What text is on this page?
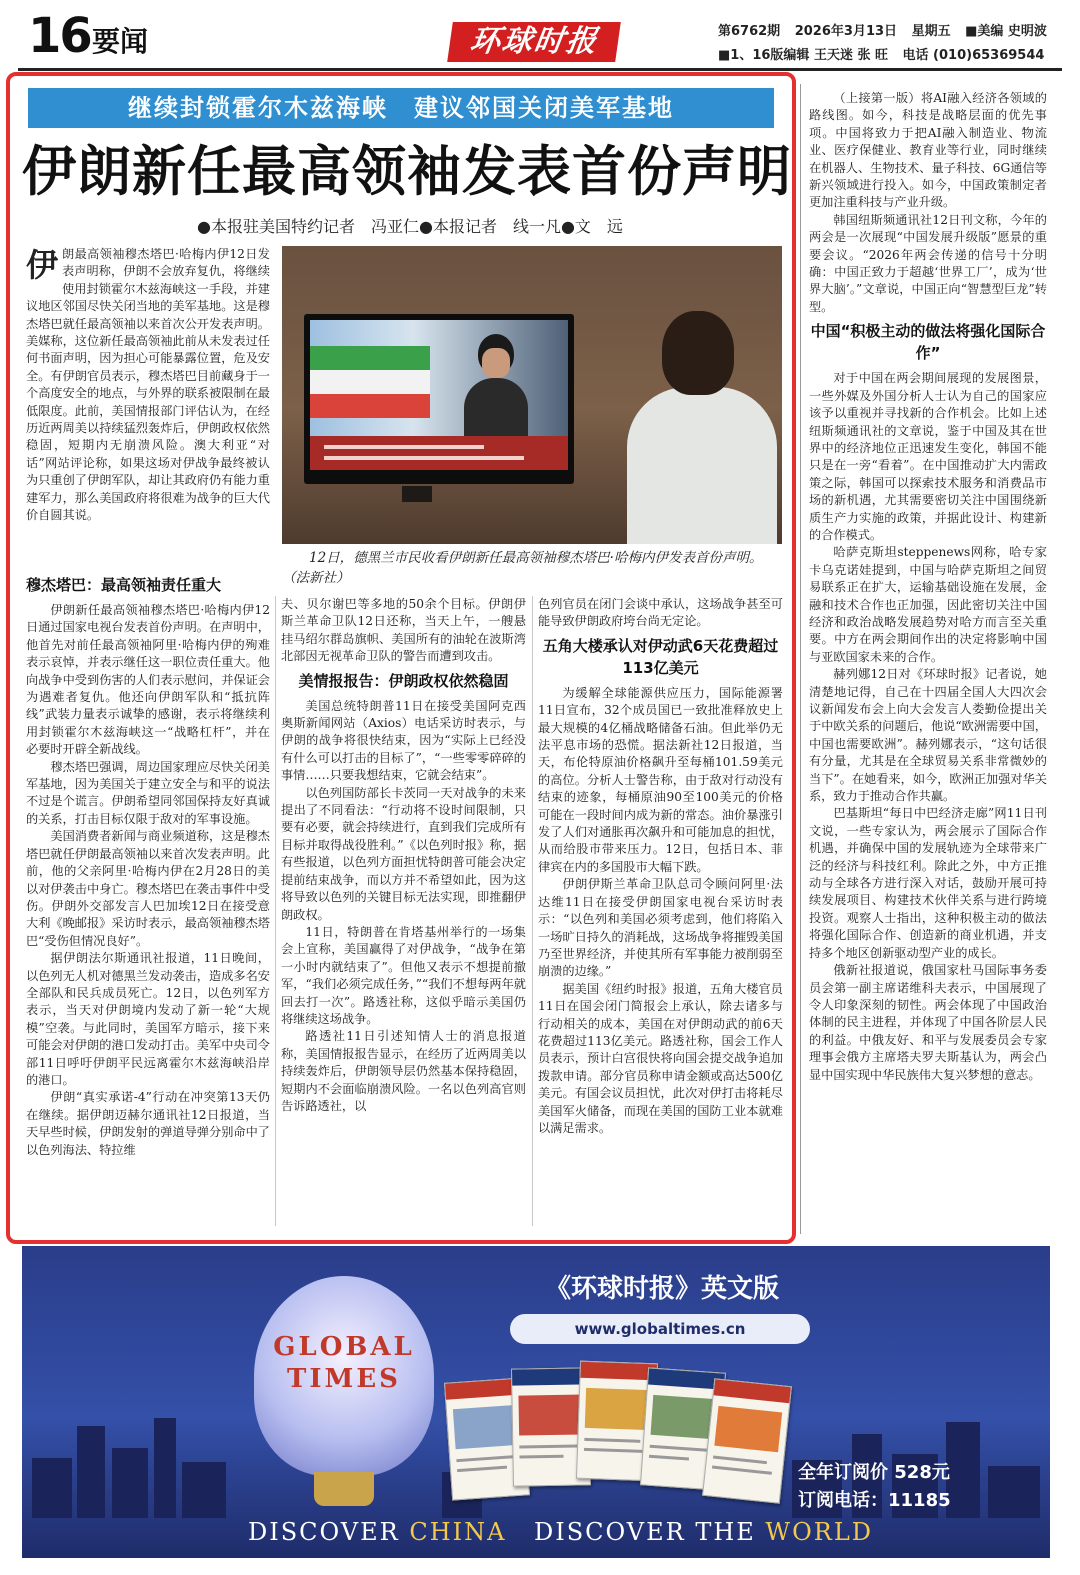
16 要闻	环球时报	第6762期 2026年3月13日 星期五 ■美编 史明波
■1、16版编辑 王天迷 张 旺 电话 (010)65369544
继续封锁霍尔木兹海峡　建议邻国关闭美军基地
伊朗新任最高领袖发表首份声明
●本报驻美国特约记者　冯亚仁●本报记者　线一凡●文　远
伊 朗最高领袖穆杰塔巴·哈梅内伊12日发表声明称，伊朗不会放弃复仇，将继续使用封锁霍尔木兹海峡这一手段，并建议地区邻国尽快关闭当地的美军基地。这是穆杰塔巴就任最高领袖以来首次公开发表声明。美媒称，这位新任最高领袖此前从未发表过任何书面声明，因为担心可能暴露位置，危及安全。有伊朗官员表示，穆杰塔巴目前藏身于一个高度安全的地点，与外界的联系被限制在最低限度。此前，美国情报部门评估认为，在经历近两周美以持续猛烈轰炸后，伊朗政权依然稳固，短期内无崩溃风险。澳大利亚“对话”网站评论称，如果这场对伊战争最终被认为只重创了伊朗军队，却让其政府仍有能力重建军力，那么美国政府将很难为战争的巨大代价自圆其说。
12日，德黑兰市民收看伊朗新任最高领袖穆杰塔巴·哈梅内伊发表首份声明。　（法新社）
穆杰塔巴：最高领袖责任重大

伊朗新任最高领袖穆杰塔巴·哈梅内伊12日通过国家电视台发表首份声明。在声明中，他首先对前任最高领袖阿里·哈梅内伊的殉难表示哀悼，并表示继任这一职位责任重大。他向战争中受到伤害的人们表示慰问，并保证会为遇难者复仇。他还向伊朗军队和“抵抗阵线”武装力量表示诚挚的感谢，表示将继续利用封锁霍尔木兹海峡这一“战略杠杆”，并在必要时开辟全新战线。

穆杰塔巴强调，周边国家理应尽快关闭美军基地，因为美国关于建立安全与和平的说法不过是个谎言。伊朗希望同邻国保持友好真诚的关系，打击目标仅限于敌对的军事设施。

美国消费者新闻与商业频道称，这是穆杰塔巴就任伊朗最高领袖以来首次发表声明。此前，他的父亲阿里·哈梅内伊在2月28日的美以对伊袭击中身亡。穆杰塔巴在袭击事件中受伤。伊朗外交部发言人巴加埃12日在接受意大利《晚邮报》采访时表示，最高领袖穆杰塔巴“受伤但情况良好”。

据伊朗法尔斯通讯社报道，11日晚间，以色列无人机对德黑兰发动袭击，造成多名安全部队和民兵成员死亡。12日，以色列军方表示，当天对伊朗境内发动了新一轮“大规模”空袭。与此同时，美国军方暗示，接下来可能会对伊朗的港口发动打击。美军中央司令部11日呼吁伊朗平民远离霍尔木兹海峡沿岸的港口。

伊朗“真实承诺-4”行动在冲突第13天仍在继续。据伊朗迈赫尔通讯社12日报道，当天早些时候，伊朗发射的弹道导弹分别命中了以色列海法、特拉维

夫、贝尔谢巴等多地的50余个目标。伊朗伊斯兰革命卫队12日还称，当天上午，一艘悬挂马绍尔群岛旗帜、美国所有的油轮在波斯湾北部因无视革命卫队的警告而遭到攻击。

美情报报告：伊朗政权依然稳固

美国总统特朗普11日在接受美国阿克西奥斯新闻网站（Axios）电话采访时表示，与伊朗的战争将很快结束，因为“实际上已经没有什么可以打击的目标了”，“一些零零碎碎的事情……只要我想结束，它就会结束”。

以色列国防部长卡茨同一天对战争的未来提出了不同看法：“行动将不设时间限制，只要有必要，就会持续进行，直到我们完成所有目标并取得战役胜利。”《以色列时报》称，据有些报道，以色列方面担忧特朗普可能会决定提前结束战争，而以方并不希望如此，因为这将导致以色列的关键目标无法实现，即推翻伊朗政权。

11日，特朗普在肯塔基州举行的一场集会上宣称，美国赢得了对伊战争，“战争在第一小时内就结束了”。但他又表示不想提前撤军，“我们必须完成任务，”“我们不想每两年就回去打一次”。路透社称，这似乎暗示美国仍将继续这场战争。

路透社11日引述知情人士的消息报道称，美国情报报告显示，在经历了近两周美以持续轰炸后，伊朗领导层仍然基本保持稳固，短期内不会面临崩溃风险。一名以色列高官则告诉路透社，以

色列官员在闭门会谈中承认，这场战争甚至可能导致伊朗政府垮台尚无定论。

五角大楼承认对伊动武6天花费超过113亿美元

为缓解全球能源供应压力，国际能源署11日宣布，32个成员国已一致批准释放史上最大规模的4亿桶战略储备石油。但此举仍无法平息市场的恐慌。据法新社12日报道，当天，布伦特原油价格飙升至每桶101.59美元的高位。分析人士警告称，由于敌对行动没有结束的迹象，每桶原油90至100美元的价格可能在一段时间内成为新的常态。油价暴涨引发了人们对通胀再次飙升和可能加息的担忧，从而给股市带来压力。12日，包括日本、菲律宾在内的多国股市大幅下跌。

伊朗伊斯兰革命卫队总司令顾问阿里·法达维11日在接受伊朗国家电视台采访时表示：“以色列和美国必须考虑到，他们将陷入一场旷日持久的消耗战，这场战争将摧毁美国乃至世界经济，并使其所有军事能力被削弱至崩溃的边缘。”

据美国《纽约时报》报道，五角大楼官员11日在国会闭门简报会上承认，除去诸多与行动相关的成本，美国在对伊朗动武的前6天花费超过113亿美元。路透社称，国会工作人员表示，预计白宫很快将向国会提交战争追加拨款申请。部分官员称申请金额或高达500亿美元。有国会议员担忧，此次对伊打击将耗尽美国军火储备，而现在美国的国防工业本就难以满足需求。

（上接第一版）将AI融入经济各领域的路线图。如今，科技是战略层面的优先事项。中国将致力于把AI融入制造业、物流业、医疗保健业、教育业等行业，同时继续在机器人、生物技术、量子科技、6G通信等新兴领域进行投入。如今，中国政策制定者更加注重科技与产业升级。

韩国纽斯频通讯社12日刊文称，今年的两会是一次展现“中国发展升级版”愿景的重要会议。“2026年两会传递的信号十分明确：中国正致力于超越‘世界工厂’，成为‘世界大脑’。”文章说，中国正向“智慧型巨龙”转型。

中国“积极主动的做法将强化国际合作”

对于中国在两会期间展现的发展图景，一些外媒及外国分析人士认为自己的国家应该予以重视并寻找新的合作机会。比如上述纽斯频通讯社的文章说，鉴于中国及其在世界中的经济地位正迅速发生变化，韩国不能只是在一旁“看着”。在中国推动扩大内需政策之际，韩国可以探索技术服务和消费品市场的新机遇，尤其需要密切关注中国围绕新质生产力实施的政策，并据此设计、构建新的合作模式。

哈萨克斯坦steppenews网称，哈专家卡乌克诺娃提到，中国与哈萨克斯坦之间贸易联系正在扩大，运输基础设施在发展，金融和技术合作也正加强，因此密切关注中国经济和政治战略发展趋势对哈方而言至关重要。中方在两会期间作出的决定将影响中国与亚欧国家未来的合作。

赫列娜12日对《环球时报》记者说，她清楚地记得，自己在十四届全国人大四次会议新闻发布会上向大会发言人娄勤俭提出关于中欧关系的问题后，他说“欧洲需要中国，中国也需要欧洲”。赫列娜表示，“这句话很有分量，尤其是在全球贸易关系非常微妙的当下”。在她看来，如今，欧洲正加强对华关系，致力于推动合作共赢。

巴基斯坦“每日中巴经济走廊”网11日刊文说，一些专家认为，两会展示了国际合作机遇，并确保中国的发展轨迹为全球带来广泛的经济与科技红利。除此之外，中方正推动与全球各方进行深入对话，鼓励开展可持续发展项目、构建技术伙伴关系与进行跨境投资。观察人士指出，这种积极主动的做法将强化国际合作、创造新的商业机遇，并支持多个地区创新驱动型产业的成长。

俄新社报道说，俄国家杜马国际事务委员会第一副主席诺维科夫表示，中国展现了令人印象深刻的韧性。两会体现了中国政治体制的民主进程，并体现了中国各阶层人民的利益。中俄友好、和平与发展委员会专家理事会俄方主席塔夫罗夫斯基认为，两会凸显中国实现中华民族伟大复兴梦想的意志。

GLOBAL
TIMES
《环球时报》英文版
www.globaltimes.cn
全年订阅价 528元
订阅电话：11185
DISCOVER CHINA DISCOVER THE WORLD
